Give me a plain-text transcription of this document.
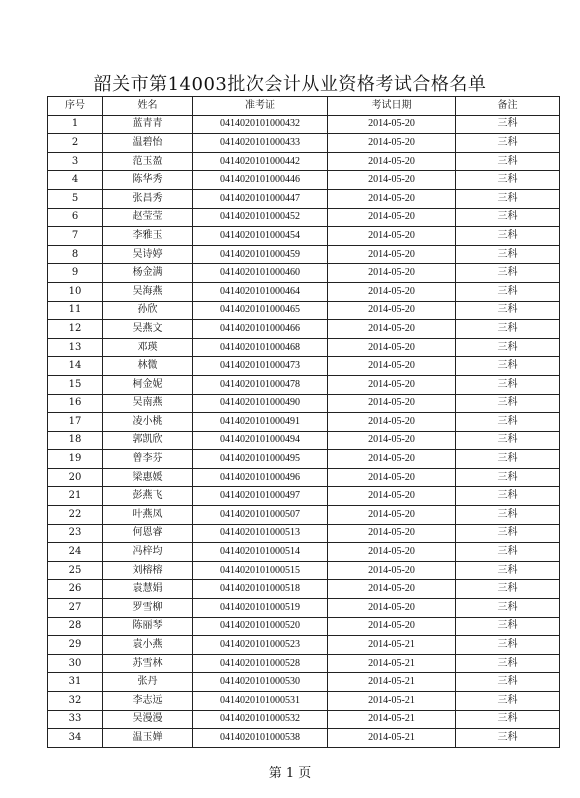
韶关市第14003批次会计从业资格考试合格名单
序号	姓名	准考证	考试日期	备注
1	蓝青青	0414020101000432	2014-05-20	三科
2	温碧怡	0414020101000433	2014-05-20	三科
3	范玉盈	0414020101000442	2014-05-20	三科
4	陈华秀	0414020101000446	2014-05-20	三科
5	张昌秀	0414020101000447	2014-05-20	三科
6	赵莹莹	0414020101000452	2014-05-20	三科
7	李雅玉	0414020101000454	2014-05-20	三科
8	吴诗婷	0414020101000459	2014-05-20	三科
9	杨金满	0414020101000460	2014-05-20	三科
10	吴海燕	0414020101000464	2014-05-20	三科
11	孙欣	0414020101000465	2014-05-20	三科
12	吴燕文	0414020101000466	2014-05-20	三科
13	邓瑛	0414020101000468	2014-05-20	三科
14	林微	0414020101000473	2014-05-20	三科
15	柯金妮	0414020101000478	2014-05-20	三科
16	吴南燕	0414020101000490	2014-05-20	三科
17	凌小桃	0414020101000491	2014-05-20	三科
18	郭凯欣	0414020101000494	2014-05-20	三科
19	曾李芬	0414020101000495	2014-05-20	三科
20	梁惠媛	0414020101000496	2014-05-20	三科
21	彭燕飞	0414020101000497	2014-05-20	三科
22	叶燕凤	0414020101000507	2014-05-20	三科
23	何恩睿	0414020101000513	2014-05-20	三科
24	冯梓均	0414020101000514	2014-05-20	三科
25	刘榕榕	0414020101000515	2014-05-20	三科
26	袁慧娟	0414020101000518	2014-05-20	三科
27	罗雪柳	0414020101000519	2014-05-20	三科
28	陈丽琴	0414020101000520	2014-05-20	三科
29	袁小燕	0414020101000523	2014-05-21	三科
30	苏雪林	0414020101000528	2014-05-21	三科
31	张丹	0414020101000530	2014-05-21	三科
32	李志远	0414020101000531	2014-05-21	三科
33	吴漫漫	0414020101000532	2014-05-21	三科
34	温玉婵	0414020101000538	2014-05-21	三科
第 1 页
